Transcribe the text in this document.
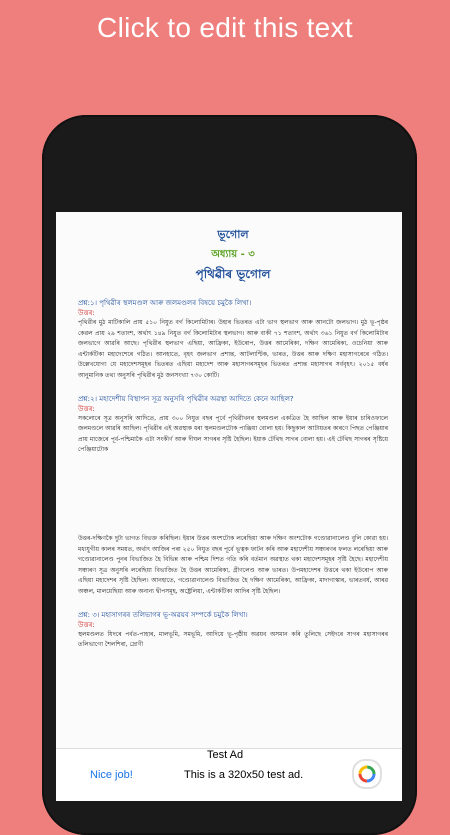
Click to edit this text
ভূগোল
অধ্যায় - ৩
পৃথিৱীৰ ভূগোল
প্ৰশ্ন:১। পৃথিৱীৰ স্থলমণ্ডল আৰু জলমণ্ডলৰ বিষয়ে চমুকৈ লিখা।
উত্তৰ:
পৃথিৱীৰ মুঠ মাটিকালি প্ৰায় ৫১০ নিযুত বৰ্গ কিলোমিটাৰ। উহাৰ ভিতৰত এটা ভাগ স্থলভাগ আৰু আনটো জলভাগ। মুঠ ভূ-পৃষ্ঠৰ কেৱল প্ৰায় ২৯ শতাংশ, অৰ্থাৎ ১৪৯ নিযুত বৰ্গ কিলোমিটাৰ স্থলভাগ। আৰু বাকী ৭১ শতাংশ, অৰ্থাৎ ৩৬১ নিযুত বৰ্গ কিলোমিটাৰ জলভাগে আৱৰি আছে। পৃথিৱীৰ স্থলভাগ এছিয়া, আফ্ৰিকা, ইউৰোপ, উত্তৰ আমেৰিকা, দক্ষিণ আমেৰিকা, ওচেনিয়া আৰু এন্টাৰ্কটিকা মহাদেশেৰে গঠিত। আনহাতে, বৃহৎ জলভাগ প্ৰশান্ত, আটলাণ্টিক, ভাৰত, উত্তৰ আৰু দক্ষিণ মহাসাগৰেৰে গঠিত। উল্লেখযোগ্য যে মহাদেশসমূহৰ ভিতৰত এছিয়া মহাদেশ আৰু মহাসাগৰসমূহৰ ভিতৰত প্ৰশান্ত মহাসাগৰ সৰ্ববৃহৎ। ২০১৫ বৰ্ষৰ আনুমানিক তথ্য অনুসৰি পৃথিৱীৰ মুঠ জনসংখ্যা ৭৩০ কোটি।
প্ৰশ্ন:২। মহাদেশীয় বিস্থাপন সূত্ৰ অনুসৰি পৃথিৱীৰ অৱস্থা আদিতে কেনে আছিল?
উত্তৰ:
সকলোৰে সূত্ৰ অনুসৰি আদিতে, প্ৰায় ৩০০ নিযুত বছৰ পূৰ্বে পৃথিৱীখনৰ স্থলমণ্ডল একত্ৰিত হৈ আছিল আৰু ইয়াৰ চাৰিওফালে জলমণ্ডলে আৱৰি আছিল। পৃথিৱীৰ এই অৱস্থাক ধৰা স্থলমণ্ডলটোক পাঞ্জিয়া বোলা হয়। কিছুকাল আটায়তৰ কাৰণে পিছত পেঞ্জিয়াৰ প্ৰায় মাজেৰে পূৰ্ব-পশ্চিমাকৈ এটা সংকীৰ্ণ আৰু দীঘল সাগৰৰ সৃষ্টি হৈছিল। ইয়াক টেথিছ সাগৰ বোলা হয়। এই টেথিছ সাগৰৰ সৃষ্টিয়ে পেঞ্জিয়াটোক
উত্তৰ-দক্ষিণকৈ দুটা ভাগত বিভক্ত কৰিছিল। ইয়াৰ উত্তৰ অংশটোক লৰেছিয়া আৰু দক্ষিণ অংশটোক গণ্ডোৱানালেণ্ড বুলি কোৱা হয়। মধ্যযুগীয় কালৰ সময়ত, অৰ্থাৎ আজিৰ পৰা ২৫০ নিযুত বছৰ পূৰ্বে ভূত্বক ফাটন কৰি আৰু মহাদেশীয় সঞ্চাৰণৰ ফলত লৰেছিয়া আৰু গণ্ডোৱানালেণ্ড পুনৰ বিভাজিত হৈ বিভিন্ন আৰু পশ্চিম দিশত গতি কৰি বৰ্তমান অৱস্থাত থকা মহাদেশসমূহৰ সৃষ্টি হৈছে। মহাদেশীয় সঞ্চাৰণ সূত্ৰ অনুসৰি লৰেছিয়া বিভাজিত হৈ উত্তৰ আমেৰিকা, গ্ৰীণলেণ্ড আৰু ভাৰত। উপমহাদেশৰ উত্তৰে থকা ইউৰোপ আৰু এছিয়া মহাদেশৰ সৃষ্টি হৈছিল। আনহাতে, গণ্ডোৱানালেণ্ড বিভাজিত হৈ দক্ষিণ আমেৰিকা, আফ্ৰিকা, মাদাগাস্কাৰ, ভাৰতবৰ্ষ, আৰৱ অঞ্চল, মালয়েছিয়া আৰু অনান্য দ্বীপসমূহ, অষ্ট্ৰেলিয়া, এন্টাৰ্কটিকা আদিৰ সৃষ্টি হৈছিল।
প্ৰশ্ন: ৩। মহাসাগৰৰ তলিভাগৰ ভূ-অৱয়ব সম্পৰ্কে চমুকৈ লিখা।
উত্তৰ:
স্থলমণ্ডলত যিদৰে পৰ্বত-পাহাৰ, মালভূমি, সমভূমি, আদিয়ে ভূ-পৃষ্ঠীয় অৱয়ব অসমান কৰি তুলিছে সেইদৰে সাগৰ মহাসাগৰৰ তলিভাগো শৈলশিৰা, দ্ৰোণী
Test Ad
Nice job!	This is a 320x50 test ad.
